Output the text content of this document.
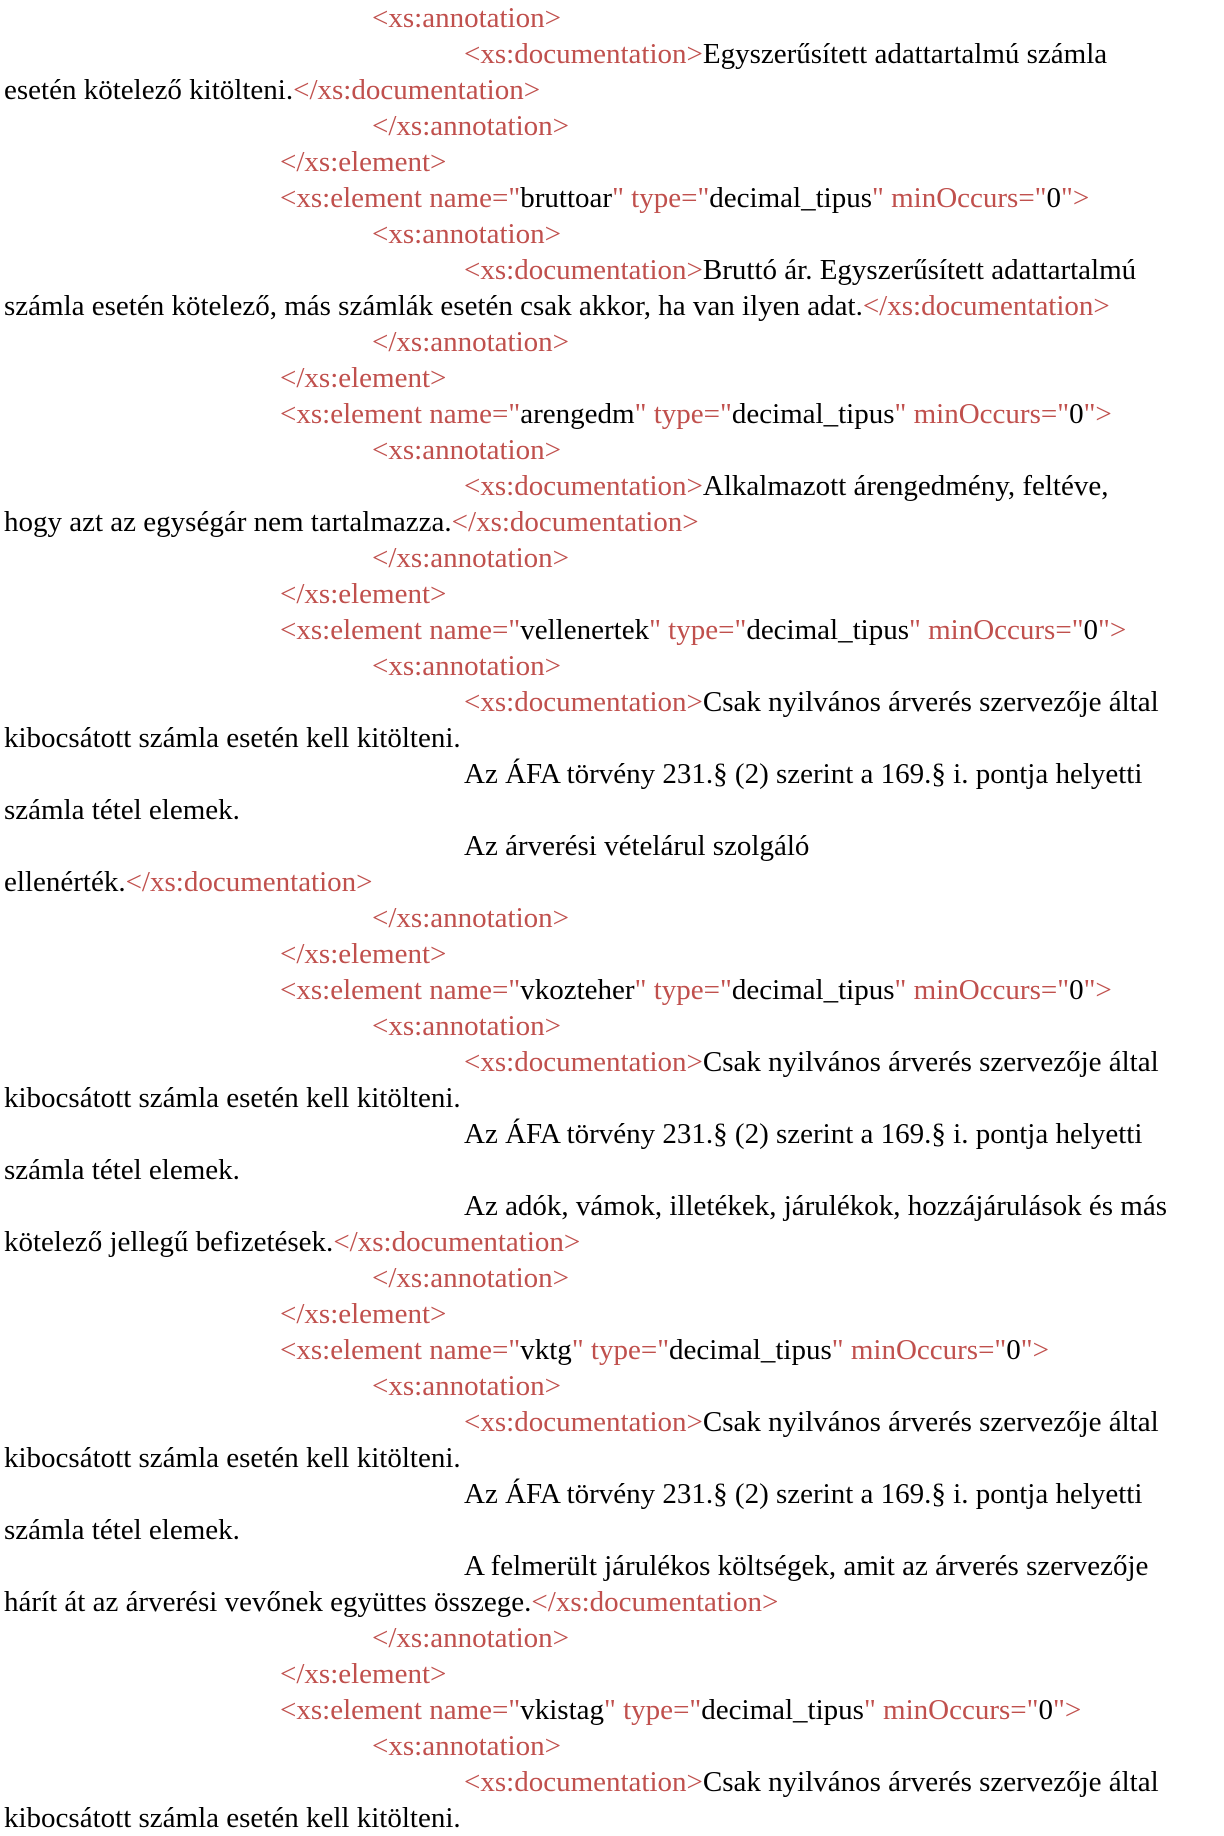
<xs:annotation>
<xs:documentation>Egyszerűsített adattartalmú számla
esetén kötelező kitölteni.</xs:documentation>
</xs:annotation>
</xs:element>
<xs:element name="bruttoar" type="decimal_tipus" minOccurs="0">
<xs:annotation>
<xs:documentation>Bruttó ár. Egyszerűsített adattartalmú
számla esetén kötelező, más számlák esetén csak akkor, ha van ilyen adat.</xs:documentation>
</xs:annotation>
</xs:element>
<xs:element name="arengedm" type="decimal_tipus" minOccurs="0">
<xs:annotation>
<xs:documentation>Alkalmazott árengedmény, feltéve,
hogy azt az egységár nem tartalmazza.</xs:documentation>
</xs:annotation>
</xs:element>
<xs:element name="vellenertek" type="decimal_tipus" minOccurs="0">
<xs:annotation>
<xs:documentation>Csak nyilvános árverés szervezője által
kibocsátott számla esetén kell kitölteni.
Az ÁFA törvény 231.§ (2) szerint a 169.§ i. pontja helyetti
számla tétel elemek.
Az árverési vételárul szolgáló
ellenérték.</xs:documentation>
</xs:annotation>
</xs:element>
<xs:element name="vkozteher" type="decimal_tipus" minOccurs="0">
<xs:annotation>
<xs:documentation>Csak nyilvános árverés szervezője által
kibocsátott számla esetén kell kitölteni.
Az ÁFA törvény 231.§ (2) szerint a 169.§ i. pontja helyetti
számla tétel elemek.
Az adók, vámok, illetékek, járulékok, hozzájárulások és más
kötelező jellegű befizetések.</xs:documentation>
</xs:annotation>
</xs:element>
<xs:element name="vktg" type="decimal_tipus" minOccurs="0">
<xs:annotation>
<xs:documentation>Csak nyilvános árverés szervezője által
kibocsátott számla esetén kell kitölteni.
Az ÁFA törvény 231.§ (2) szerint a 169.§ i. pontja helyetti
számla tétel elemek.
A felmerült járulékos költségek, amit az árverés szervezője
hárít át az árverési vevőnek együttes összege.</xs:documentation>
</xs:annotation>
</xs:element>
<xs:element name="vkistag" type="decimal_tipus" minOccurs="0">
<xs:annotation>
<xs:documentation>Csak nyilvános árverés szervezője által
kibocsátott számla esetén kell kitölteni.
